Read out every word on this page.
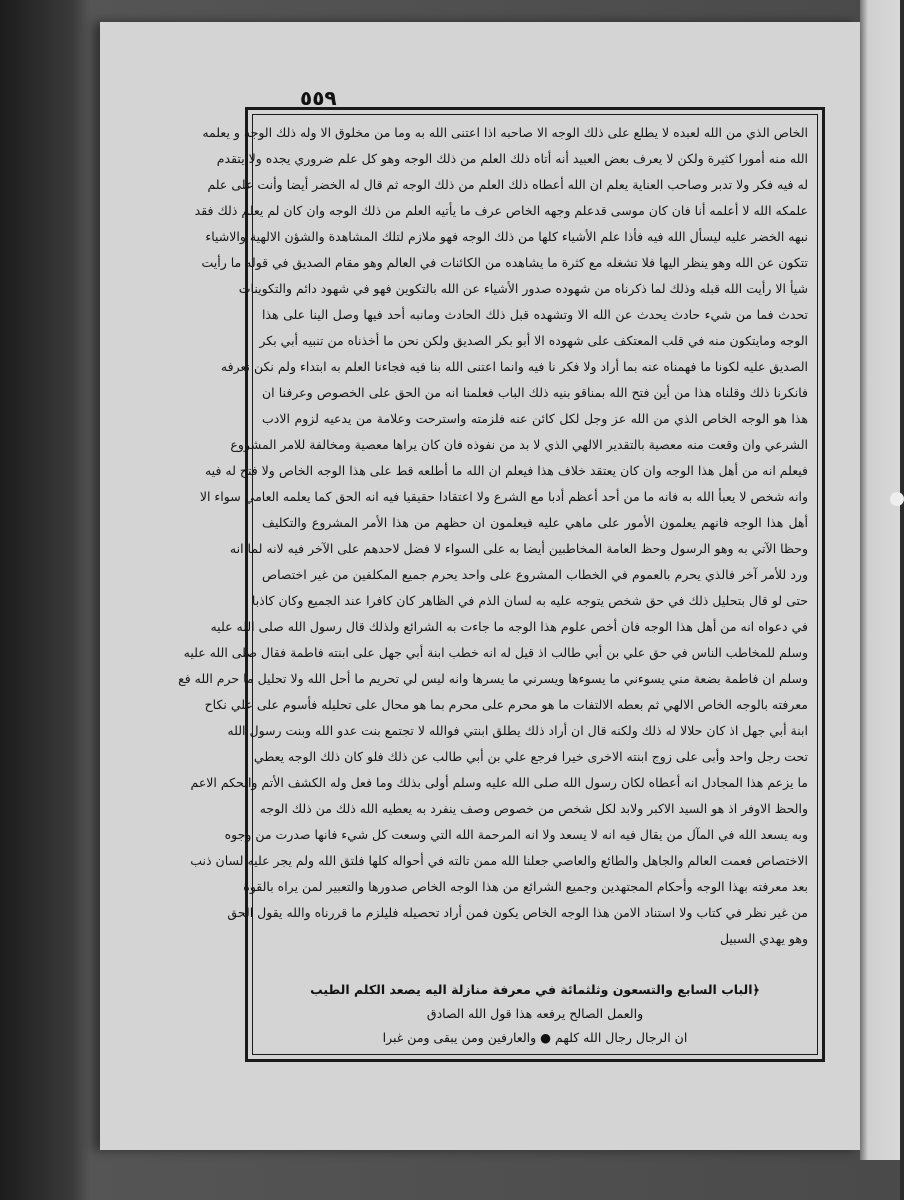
٥٥٩

الخاص الذي من الله لعبده لا يطلع على ذلك الوجه الا صاحبه اذا اعتنى الله به وما من مخلوق الا وله ذلك الوجه و يعلمه
الله منه أمورا كثيرة ولكن لا يعرف بعض العبيد أنه أتاه ذلك العلم من ذلك الوجه وهو كل علم ضروري يجده ولا يتقدم
له فيه فكر ولا تدبر وصاحب العناية يعلم ان الله أعطاه ذلك العلم من ذلك الوجه ثم قال له الخضر أيضا وأنت على علم
علمكه الله لا أعلمه أنا فان كان موسى قدعلم وجهه الخاص عرف ما يأتيه العلم من ذلك الوجه وان كان لم يعلم ذلك فقد
نبهه الخضر عليه ليسأل الله فيه فأذا علم الأشياء كلها من ذلك الوجه فهو ملازم لتلك المشاهدة والشؤن الالهية والاشياء
تتكون عن الله وهو ينظر اليها فلا تشغله مع كثرة ما يشاهده من الكائنات في العالم وهو مقام الصديق في قوله ما رأيت
شيأ الا رأيت الله قبله وذلك لما ذكرناه من شهوده صدور الأشياء عن الله بالتكوين فهو في شهود دائم والتكوينات
تحدث فما من شيء حادث يحدث عن الله الا وتشهده قبل ذلك الحادث ومانبه أحد فيها وصل الينا على هذا
الوجه ومايتكون منه في قلب المعتكف على شهوده الا أبو بكر الصديق ولكن نحن ما أخذناه من تنبيه أبي بكر
الصديق عليه لكونا ما فهمناه عنه بما أراد ولا فكر نا فيه وانما اعتنى الله بنا فيه فجاءنا العلم به ابتداء ولم نكن نعرفه
فانكرنا ذلك وقلناه هذا من أين فتح الله بمناقو بنيه ذلك الباب فعلمنا انه من الحق على الخصوص وعرفنا ان
هذا هو الوجه الخاص الذي من الله عز وجل لكل كائن عنه فلزمته واسترحت وعلامة من يدعيه لزوم الادب
الشرعي وان وقعت منه معصية بالتقدير الالهي الذي لا بد من نفوذه فان كان يراها معصية ومخالفة للامر المشروع
فيعلم انه من أهل هذا الوجه وان كان يعتقد خلاف هذا فيعلم ان الله ما أطلعه قط على هذا الوجه الخاص ولا فتح له فيه
وانه شخص لا يعبأ الله به فانه ما من أحد أعظم أدبا مع الشرع ولا اعتقادا حقيقيا فيه انه الحق كما يعلمه العامي سواء الا
أهل هذا الوجه فانهم يعلمون الأمور على ماهي عليه فيعلمون ان حظهم من هذا الأمر المشروع والتكليف
وحظا الآتي به وهو الرسول وحظ العامة المخاطبين أيضا به على السواء لا فضل لاحدهم على الآخر فيه لانه لما انه
ورد للأمر آخر فالذي يحرم بالعموم في الخطاب المشروع على واحد يحرم جميع المكلفين من غير اختصاص
حتى لو قال بتحليل ذلك في حق شخص يتوجه عليه به لسان الذم في الظاهر كان كافرا عند الجميع وكان كاذبا
في دعواه انه من أهل هذا الوجه فان أخص علوم هذا الوجه ما جاءت به الشرائع ولذلك قال رسول الله صلى الله عليه
وسلم للمخاطب الناس في حق علي بن أبي طالب اذ قيل له انه خطب ابنة أبي جهل على ابنته فاطمة فقال صلى الله عليه
وسلم ان فاطمة بضعة مني يسوءني ما يسوءها ويسرني ما يسرها وانه ليس لي تحريم ما أحل الله ولا تحليل ما حرم الله فع
معرفته بالوجه الخاص الالهي ثم بعطه الالتفات ما هو محرم على محرم بما هو محال على تحليله فأسوم على علي نكاح
ابنة أبي جهل اذ كان حلالا له ذلك ولكنه قال ان أراد ذلك يطلق ابنتي فوالله لا تجتمع بنت عدو الله وبنت رسول الله
تحت رجل واحد وأبى على زوج ابنته الاخرى خيرا فرجع علي بن أبي طالب عن ذلك فلو كان ذلك الوجه يعطي
ما يزعم هذا المجادل انه أعطاه لكان رسول الله صلى الله عليه وسلم أولى بذلك وما فعل وله الكشف الأتم والحكم الاعم
والحظ الاوفر اذ هو السيد الاكبر ولابد لكل شخص من خصوص وصف ينفرد به يعطيه الله ذلك من ذلك الوجه
وبه يسعد الله في المآل من يقال فيه انه لا يسعد ولا انه المرحمة الله التي وسعت كل شيء فانها صدرت من وجوه
الاختصاص فعمت العالم والجاهل والطائع والعاصي جعلنا الله ممن تالته في أحواله كلها فلتق الله ولم يجر عليه لسان ذنب
بعد معرفته بهذا الوجه وأحكام المجتهدين وجميع الشرائع من هذا الوجه الخاص صدورها والتعبير لمن يراه بالقوة
من غير نظر في كتاب ولا استناد الامن هذا الوجه الخاص يكون فمن أراد تحصيله فليلزم ما قررناه والله يقول الحق
وهو يهدي السبيل
﴿الباب السابع والتسعون وثلثمائة في معرفة منازلة اليه يصعد الكلم الطيب
والعمل الصالح يرفعه هذا قول الله الصادق
ان الرجال رجال الله كلهم ● والعارفين ومن يبقى ومن غبرا
